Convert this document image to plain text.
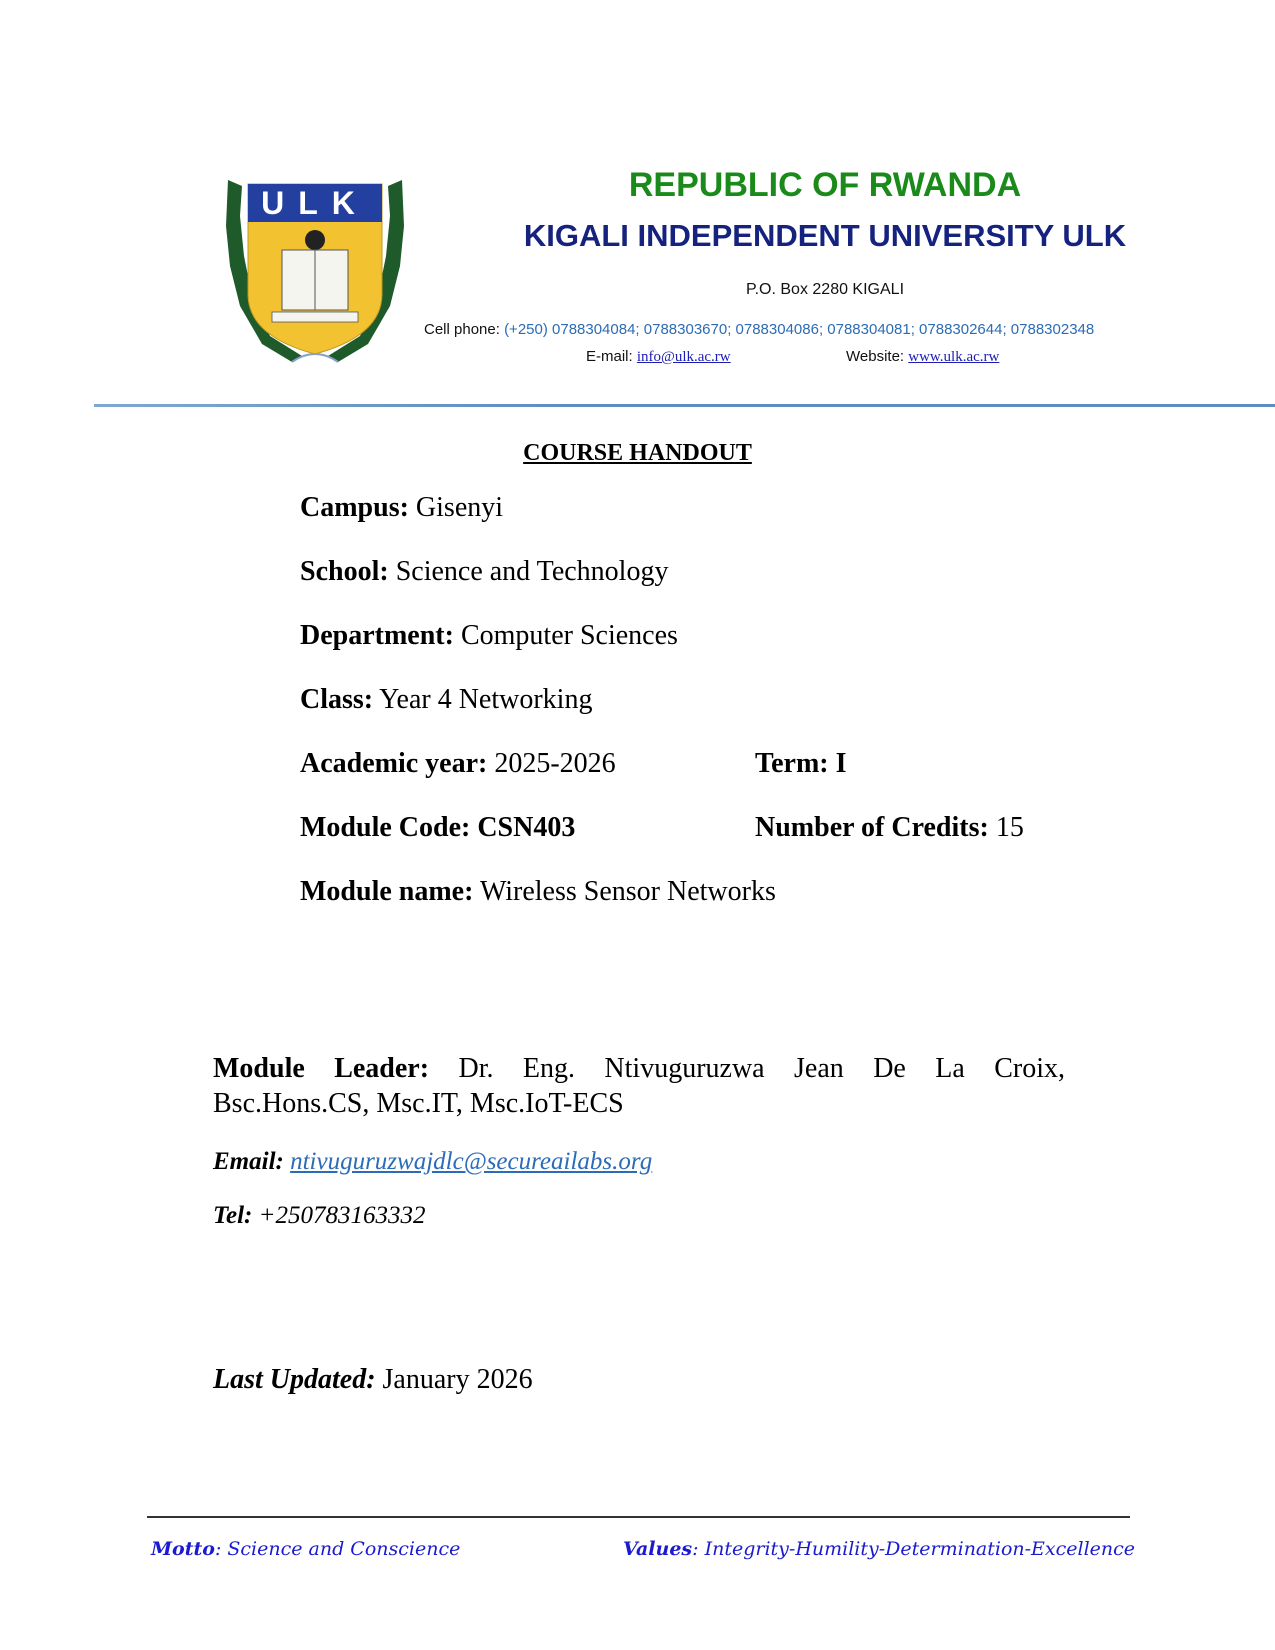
ULK	REPUBLIC OF RWANDA
KIGALI INDEPENDENT UNIVERSITY ULK
P.O. Box 2280 KIGALI
Cell phone: (+250) 0788304084; 0788303670; 0788304086; 0788304081; 0788302644; 0788302348
E-mail: info@ulk.ac.rw	Website: www.ulk.ac.rw
COURSE HANDOUT
Campus: Gisenyi
School: Science and Technology
Department: Computer Sciences
Class: Year 4 Networking
Academic year: 2025-2026	Term: I
Module Code: CSN403	Number of Credits: 15
Module name: Wireless Sensor Networks
Module Leader: Dr. Eng. Ntivuguruzwa Jean De La Croix,
Bsc.Hons.CS, Msc.IT, Msc.IoT-ECS
Email: ntivuguruzwajdlc@secureailabs.org
Tel: +250783163332
Last Updated: January 2026
Motto: Science and Conscience	Values: Integrity-Humility-Determination-Excellence
